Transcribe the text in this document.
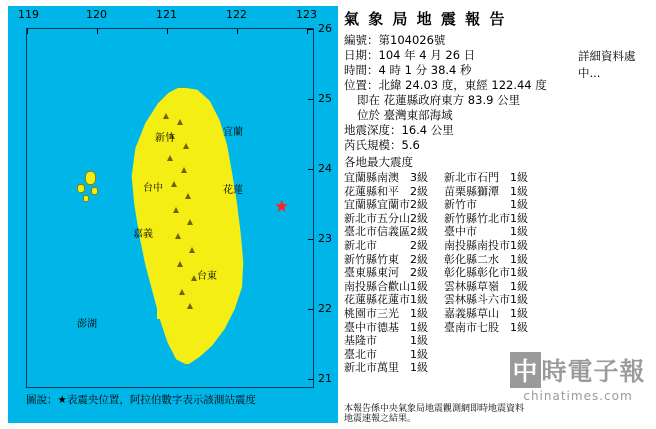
119	120	121	122	123
26
25
24
23
22
21
★
宜蘭
花蓮
台東
嘉義
台中
新竹
澎湖
圖說：★表震央位置，阿拉伯數字表示該測站震度
氣 象 局 地 震 報 告
編號：第104026號
日期：104 年 4 月 26 日
時間：4 時 1 分 38.4 秒
位置：北緯 24.03 度，東經 122.44 度
即在 花蓮縣政府東方 83.9 公里
位於 臺灣東部海域
地震深度：16.4 公里
芮氏規模：5.6
各地最大震度
宜蘭縣南澳	3級	新北市石門	1級
花蓮縣和平	2級	苗栗縣獅潭	1級
宜蘭縣宜蘭市	2級	新竹市	1級
新北市五分山	2級	新竹縣竹北市	1級
臺北市信義區	2級	臺中市	1級
新北市	2級	南投縣南投市	1級
新竹縣竹東	2級	彰化縣二水	1級
臺東縣東河	2級	彰化縣彰化市	1級
南投縣合歡山	1級	雲林縣草嶺	1級
花蓮縣花蓮市	1級	雲林縣斗六市	1級
桃園市三光	1級	嘉義縣草山	1級
臺中市德基	1級	臺南市七股	1級
基隆市	1級		
臺北市	1級		
新北市萬里	1級		
本報告係中央氣象局地震觀測網即時地震資料
地震速報之結果。
詳細資料處
中...
中 時電子報
chinatimes.com
